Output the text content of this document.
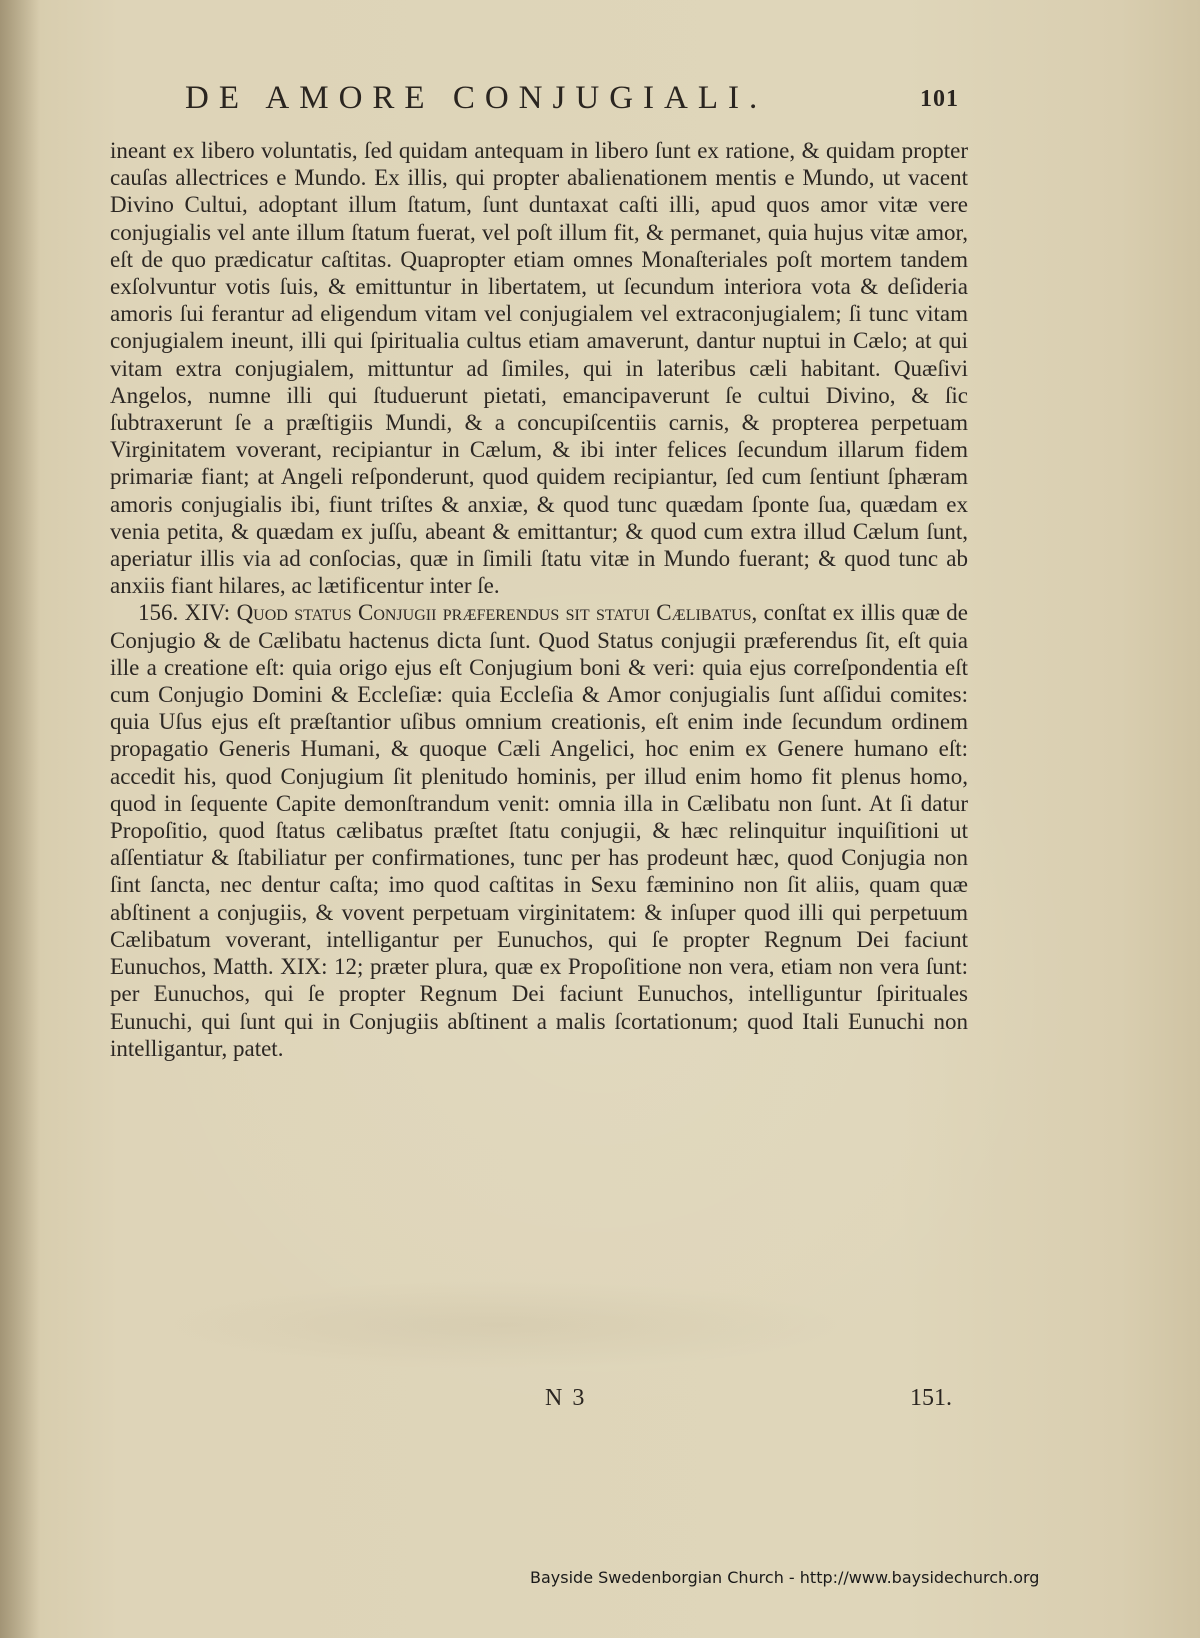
DE AMORE CONJUGIALI.	101

ineant ex libero voluntatis, ſed quidam antequam in libero ſunt ex ratione, & quidam propter cauſas allectrices e Mundo. Ex illis, qui propter abalienationem mentis e Mundo, ut vacent Divino Cultui, adoptant illum ſtatum, ſunt duntaxat caſti illi, apud quos amor vitæ vere conjugialis vel ante illum ſtatum fuerat, vel poſt illum fit, & permanet, quia hujus vitæ amor, eſt de quo prædicatur caſtitas. Quapropter etiam omnes Monaſteriales poſt mortem tandem exſolvuntur votis ſuis, & emittuntur in libertatem, ut ſecundum interiora vota & deſideria amoris ſui ferantur ad eligendum vitam vel conjugialem vel extraconjugialem; ſi tunc vitam conjugialem ineunt, illi qui ſpiritualia cultus etiam amaverunt, dantur nuptui in Cælo; at qui vitam extra conjugialem, mittuntur ad ſimiles, qui in lateribus cæli habitant. Quæſivi Angelos, numne illi qui ſtuduerunt pietati, emancipaverunt ſe cultui Divino, & ſic ſubtraxerunt ſe a præſtigiis Mundi, & a concupiſcentiis carnis, & propterea perpetuam Virginitatem voverant, recipiantur in Cælum, & ibi inter felices ſecundum illarum fidem primariæ fiant; at Angeli reſponderunt, quod quidem recipiantur, ſed cum ſentiunt ſphæram amoris conjugialis ibi, fiunt triſtes & anxiæ, & quod tunc quædam ſponte ſua, quædam ex venia petita, & quædam ex juſſu, abeant & emittantur; & quod cum extra illud Cælum ſunt, aperiatur illis via ad conſocias, quæ in ſimili ſtatu vitæ in Mundo fuerant; & quod tunc ab anxiis fiant hilares, ac lætificentur inter ſe.

156. XIV: Quod status Conjugii præferendus sit statui Cælibatus, conſtat ex illis quæ de Conjugio & de Cælibatu hactenus dicta ſunt. Quod Status conjugii præferendus ſit, eſt quia ille a creatione eſt: quia origo ejus eſt Conjugium boni & veri: quia ejus correſpondentia eſt cum Conjugio Domini & Eccleſiæ: quia Eccleſia & Amor conjugialis ſunt aſſidui comites: quia Uſus ejus eſt præſtantior uſibus omnium creationis, eſt enim inde ſecundum ordinem propagatio Generis Humani, & quoque Cæli Angelici, hoc enim ex Genere humano eſt: accedit his, quod Conjugium ſit plenitudo hominis, per illud enim homo fit plenus homo, quod in ſequente Capite demonſtrandum venit: omnia illa in Cælibatu non ſunt. At ſi datur Propoſitio, quod ſtatus cælibatus præſtet ſtatu conjugii, & hæc relinquitur inquiſitioni ut aſſentiatur & ſtabiliatur per confirmationes, tunc per has prodeunt hæc, quod Conjugia non ſint ſancta, nec dentur caſta; imo quod caſtitas in Sexu fæminino non ſit aliis, quam quæ abſtinent a conjugiis, & vovent perpetuam virginitatem: & inſuper quod illi qui perpetuum Cælibatum voverant, intelligantur per Eunuchos, qui ſe propter Regnum Dei faciunt Eunuchos, Matth. XIX: 12; præter plura, quæ ex Propoſitione non vera, etiam non vera ſunt: per Eunuchos, qui ſe propter Regnum Dei faciunt Eunuchos, intelliguntur ſpirituales Eunuchi, qui ſunt qui in Conjugiis abſtinent a malis ſcortationum; quod Itali Eunuchi non intelligantur, patet.

N 3	151.
Bayside Swedenborgian Church - http://www.baysidechurch.org
